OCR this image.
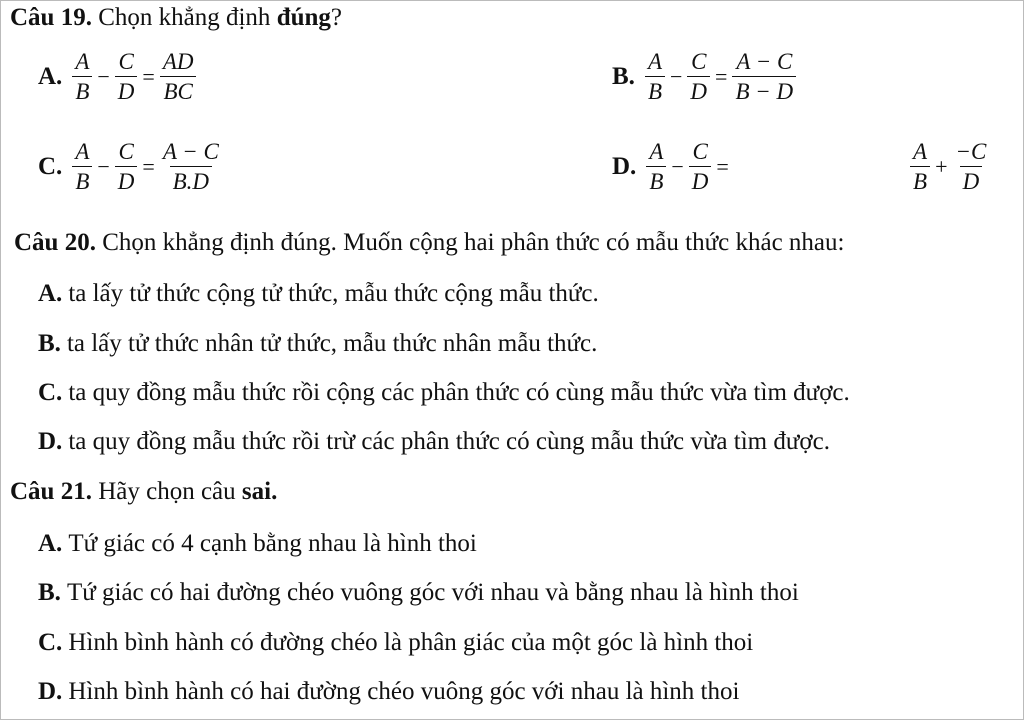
Câu 19. Chọn khẳng định đúng?
A. $\frac{A}{B} - \frac{C}{D} = \frac{AD}{BC}$	B. $\frac{A}{B} - \frac{C}{D} = \frac{A - C}{B - D}$
C. $\frac{A}{B} - \frac{C}{D} = \frac{A - C}{B.D}$	D. $\frac{A}{B} - \frac{C}{D}$ =	$\frac{A}{B} + \frac{-C}{D}$
Câu 20. Chọn khẳng định đúng. Muốn cộng hai phân thức có mẫu thức khác nhau:
A. ta lấy tử thức cộng tử thức, mẫu thức cộng mẫu thức.
B. ta lấy tử thức nhân tử thức, mẫu thức nhân mẫu thức.
C. ta quy đồng mẫu thức rồi cộng các phân thức có cùng mẫu thức vừa tìm được.
D. ta quy đồng mẫu thức rồi trừ các phân thức có cùng mẫu thức vừa tìm được.
Câu 21. Hãy chọn câu sai.
A. Tứ giác có 4 cạnh bằng nhau là hình thoi
B. Tứ giác có hai đường chéo vuông góc với nhau và bằng nhau là hình thoi
C. Hình bình hành có đường chéo là phân giác của một góc là hình thoi
D. Hình bình hành có hai đường chéo vuông góc với nhau là hình thoi
